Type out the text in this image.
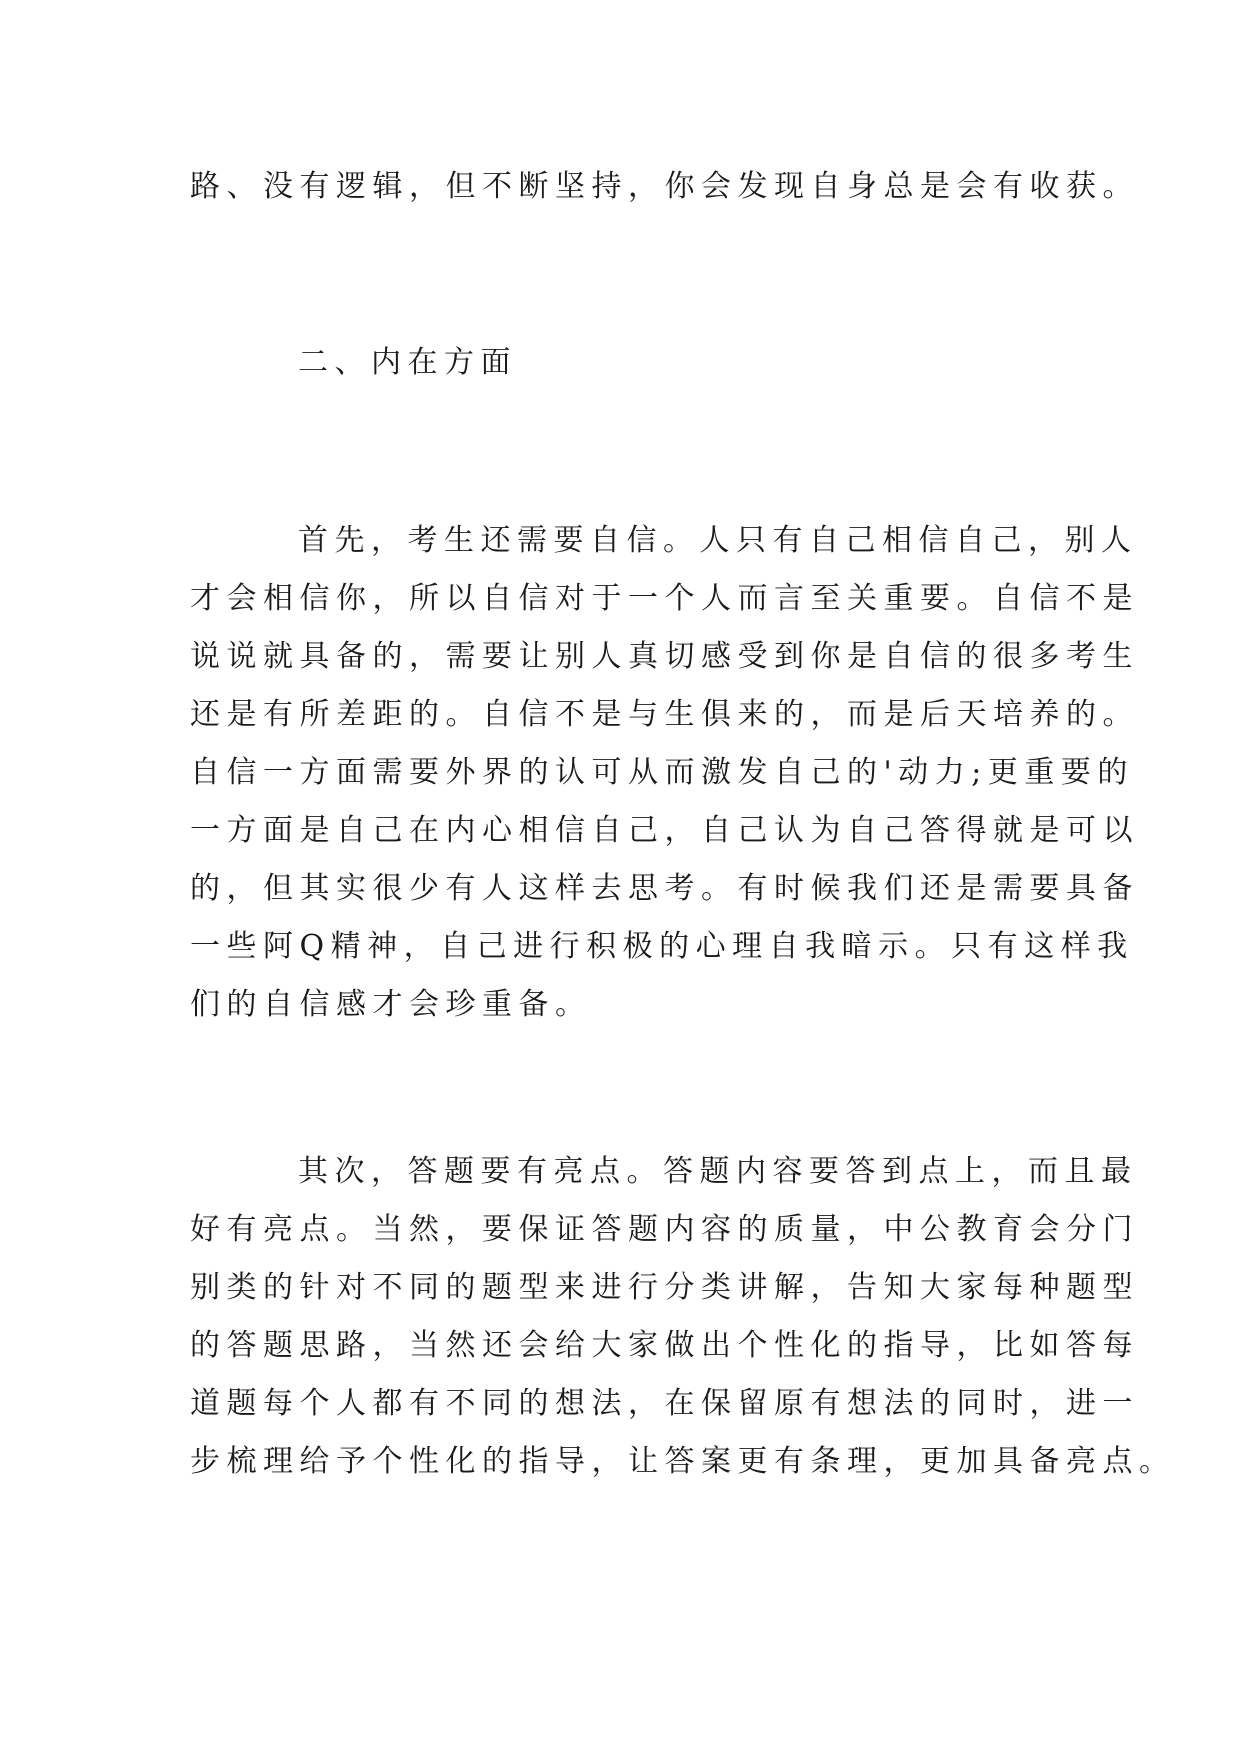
路、没有逻辑，但不断坚持，你会发现自身总是会有收获。
二、内在方面
首先，考生还需要自信。人只有自己相信自己，别人
才会相信你，所以自信对于一个人而言至关重要。自信不是
说说就具备的，需要让别人真切感受到你是自信的很多考生
还是有所差距的。自信不是与生俱来的，而是后天培养的。
自信一方面需要外界的认可从而激发自己的'动力;更重要的
一方面是自己在内心相信自己，自己认为自己答得就是可以
的，但其实很少有人这样去思考。有时候我们还是需要具备
一些阿Q精神，自己进行积极的心理自我暗示。只有这样我
们的自信感才会珍重备。
其次，答题要有亮点。答题内容要答到点上，而且最
好有亮点。当然，要保证答题内容的质量，中公教育会分门
别类的针对不同的题型来进行分类讲解，告知大家每种题型
的答题思路，当然还会给大家做出个性化的指导，比如答每
道题每个人都有不同的想法，在保留原有想法的同时，进一
步梳理给予个性化的指导，让答案更有条理，更加具备亮点。
